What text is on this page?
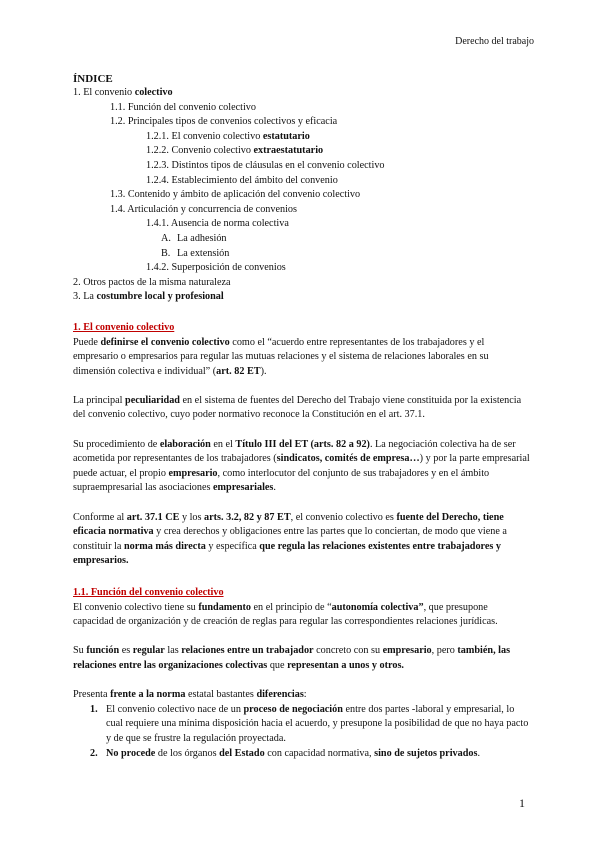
Derecho del trabajo
ÍNDICE
1. El convenio colectivo
1.1. Función del convenio colectivo
1.2. Principales tipos de convenios colectivos y eficacia
1.2.1. El convenio colectivo estatutario
1.2.2. Convenio colectivo extraestatutario
1.2.3. Distintos tipos de cláusulas en el convenio colectivo
1.2.4. Establecimiento del ámbito del convenio
1.3. Contenido y ámbito de aplicación del convenio colectivo
1.4. Articulación y concurrencia de convenios
1.4.1. Ausencia de norma colectiva
A. La adhesión
B. La extensión
1.4.2. Superposición de convenios
2. Otros pactos de la misma naturaleza
3. La costumbre local y profesional
1. El convenio colectivo

Puede definirse el convenio colectivo como el “acuerdo entre representantes de los trabajadores y el empresario o empresarios para regular las mutuas relaciones y el sistema de relaciones laborales en su dimensión colectiva e individual” (art. 82 ET).

La principal peculiaridad en el sistema de fuentes del Derecho del Trabajo viene constituida por la existencia del convenio colectivo, cuyo poder normativo reconoce la Constitución en el art. 37.1.

Su procedimiento de elaboración en el Título III del ET (arts. 82 a 92). La negociación colectiva ha de ser acometida por representantes de los trabajadores (sindicatos, comités de empresa…) y por la parte empresarial puede actuar, el propio empresario, como interlocutor del conjunto de sus trabajadores y en el ámbito supraempresarial las asociaciones empresariales.

Conforme al art. 37.1 CE y los arts. 3.2, 82 y 87 ET, el convenio colectivo es fuente del Derecho, tiene eficacia normativa y crea derechos y obligaciones entre las partes que lo conciertan, de modo que viene a constituir la norma más directa y específica que regula las relaciones existentes entre trabajadores y empresarios.

1.1. Función del convenio colectivo

El convenio colectivo tiene su fundamento en el principio de “autonomía colectiva”, que presupone capacidad de organización y de creación de reglas para regular las correspondientes relaciones jurídicas.

Su función es regular las relaciones entre un trabajador concreto con su empresario, pero también, las relaciones entre las organizaciones colectivas que representan a unos y otros.

Presenta frente a la norma estatal bastantes diferencias:

1. El convenio colectivo nace de un proceso de negociación entre dos partes -laboral y empresarial, lo cual requiere una mínima disposición hacia el acuerdo, y presupone la posibilidad de que no haya pacto y de que se frustre la regulación proyectada.
2. No procede de los órganos del Estado con capacidad normativa, sino de sujetos privados.
1
